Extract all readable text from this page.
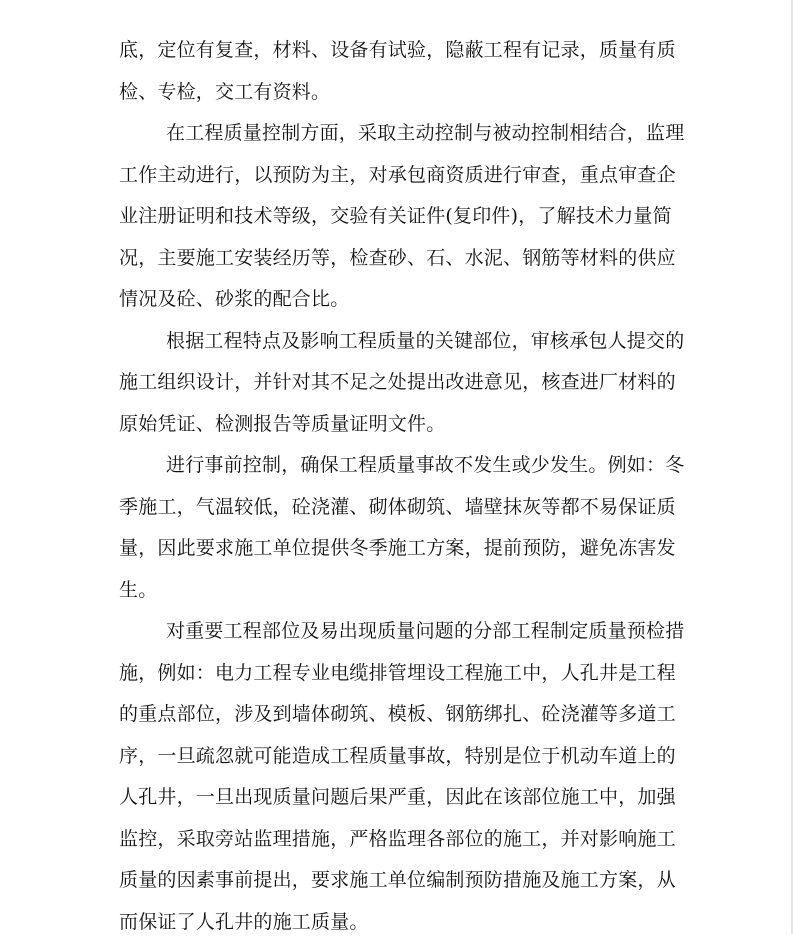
底，定位有复查，材料、设备有试验，隐蔽工程有记录，质量有质
检、专检，交工有资料。
在工程质量控制方面，采取主动控制与被动控制相结合，监理
工作主动进行，以预防为主，对承包商资质进行审查，重点审查企
业注册证明和技术等级，交验有关证件(复印件)，了解技术力量简
况，主要施工安装经历等，检查砂、石、水泥、钢筋等材料的供应
情况及砼、砂浆的配合比。
根据工程特点及影响工程质量的关键部位，审核承包人提交的
施工组织设计，并针对其不足之处提出改进意见，核查进厂材料的
原始凭证、检测报告等质量证明文件。
进行事前控制，确保工程质量事故不发生或少发生。例如：冬
季施工，气温较低，砼浇灌、砌体砌筑、墙壁抹灰等都不易保证质
量，因此要求施工单位提供冬季施工方案，提前预防，避免冻害发
生。
对重要工程部位及易出现质量问题的分部工程制定质量预检措
施，例如：电力工程专业电缆排管埋设工程施工中，人孔井是工程
的重点部位，涉及到墙体砌筑、模板、钢筋绑扎、砼浇灌等多道工
序，一旦疏忽就可能造成工程质量事故，特别是位于机动车道上的
人孔井，一旦出现质量问题后果严重，因此在该部位施工中，加强
监控，采取旁站监理措施，严格监理各部位的施工，并对影响施工
质量的因素事前提出，要求施工单位编制预防措施及施工方案，从
而保证了人孔井的施工质量。
